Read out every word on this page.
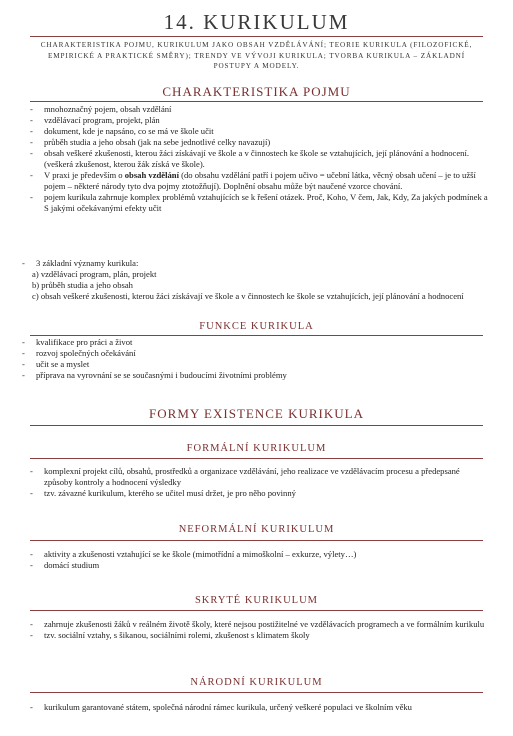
14. KURIKULUM
CHARAKTERISTIKA POJMU, KURIKULUM JAKO OBSAH VZDĚLÁVÁNÍ; TEORIE KURIKULA (FILOZOFICKÉ, EMPIRICKÉ A PRAKTICKÉ SMĚRY); TRENDY VE VÝVOJI KURIKULA; TVORBA KURIKULA – ZÁKLADNÍ POSTUPY A MODELY.
CHARAKTERISTIKA POJMU
- mnohoznačný pojem, obsah vzdělání
- vzdělávací program, projekt, plán
- dokument, kde je napsáno, co se má ve škole učit
- průběh studia a jeho obsah (jak na sebe jednotlivé celky navazují)
- obsah veškeré zkušenosti, kterou žáci získávají ve škole a v činnostech ke škole se vztahujících, její plánování a hodnocení. (veškerá zkušenost, kterou žák získá ve škole).
- V praxi je především o obsah vzdělání (do obsahu vzdělání patří i pojem učivo = učební látka, věcný obsah učení – je to užší pojem – některé národy tyto dva pojmy ztotožňují). Doplnění obsahu může být naučené vzorce chování.
- pojem kurikula zahrnuje komplex problémů vztahujících se k řešení otázek. Proč, Koho, V čem, Jak, Kdy, Za jakých podmínek a S jakými očekávanými efekty učit
- 3 základní významy kurikula:
a) vzdělávací program, plán, projekt
b) průběh studia a jeho obsah
c) obsah veškeré zkušenosti, kterou žáci získávají ve škole a v činnostech ke škole se vztahujících, její plánování a hodnocení
FUNKCE KURIKULA
- kvalifikace pro práci a život
- rozvoj společných očekávání
- učit se a myslet
- příprava na vyrovnání se se současnými i budoucími životními problémy
FORMY EXISTENCE KURIKULA
FORMÁLNÍ KURIKULUM
- komplexní projekt cílů, obsahů, prostředků a organizace vzdělávání, jeho realizace ve vzdělávacím procesu a předepsané způsoby kontroly a hodnocení výsledky
- tzv. závazné kurikulum, kterého se učitel musí držet, je pro něho povinný
NEFORMÁLNÍ KURIKULUM
- aktivity a zkušenosti vztahující se ke škole (mimotřídní a mimoškolní – exkurze, výlety…)
- domácí studium
SKRYTÉ KURIKULUM
- zahrnuje zkušenosti žáků v reálném životě školy, které nejsou postižitelné ve vzdělávacích programech a ve formálním kurikulu
- tzv. sociální vztahy, s šikanou, sociálními rolemi, zkušenost s klimatem školy
NÁRODNÍ KURIKULUM
- kurikulum garantované státem, společná národní rámec kurikula, určený veškeré populaci ve školním věku
